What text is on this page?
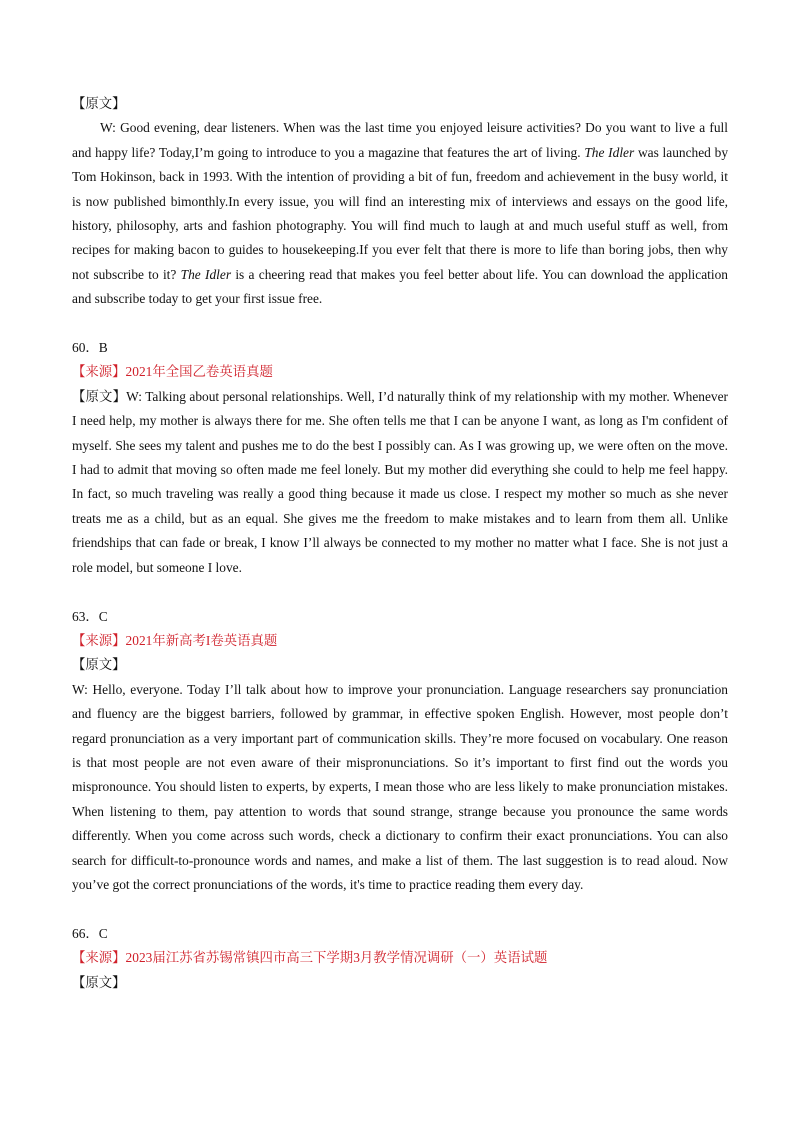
【原文】

W: Good evening, dear listeners. When was the last time you enjoyed leisure activities? Do you want to live a full and happy life? Today,I’m going to introduce to you a magazine that features the art of living. The Idler was launched by Tom Hokinson, back in 1993. With the intention of providing a bit of fun, freedom and achievement in the busy world, it is now published bimonthly.In every issue, you will find an interesting mix of interviews and essays on the good life, history, philosophy, arts and fashion photography. You will find much to laugh at and much useful stuff as well, from recipes for making bacon to guides to housekeeping.If you ever felt that there is more to life than boring jobs, then why not subscribe to it? The Idler is a cheering read that makes you feel better about life. You can download the application and subscribe today to get your first issue free.

60．B
【来源】2021年全国乙卷英语真题

【原文】W: Talking about personal relationships. Well, I’d naturally think of my relationship with my mother. Whenever I need help, my mother is always there for me. She often tells me that I can be anyone I want, as long as I'm confident of myself. She sees my talent and pushes me to do the best I possibly can. As I was growing up, we were often on the move. I had to admit that moving so often made me feel lonely. But my mother did everything she could to help me feel happy. In fact, so much traveling was really a good thing because it made us close. I respect my mother so much as she never treats me as a child, but as an equal. She gives me the freedom to make mistakes and to learn from them all. Unlike friendships that can fade or break, I know I’ll always be connected to my mother no matter what I face. She is not just a role model, but someone I love.

63．C
【来源】2021年新高考I卷英语真题
【原文】

W: Hello, everyone. Today I’ll talk about how to improve your pronunciation. Language researchers say pronunciation and fluency are the biggest barriers, followed by grammar, in effective spoken English. However, most people don’t regard pronunciation as a very important part of communication skills. They’re more focused on vocabulary. One reason is that most people are not even aware of their mispronunciations. So it’s important to first find out the words you mispronounce. You should listen to experts, by experts, I mean those who are less likely to make pronunciation mistakes. When listening to them, pay attention to words that sound strange, strange because you pronounce the same words differently. When you come across such words, check a dictionary to confirm their exact pronunciations. You can also search for difficult-to-pronounce words and names, and make a list of them. The last suggestion is to read aloud. Now you’ve got the correct pronunciations of the words, it's time to practice reading them every day.

66．C
【来源】2023届江苏省苏锡常镇四市高三下学期3月教学情况调研（一）英语试题
【原文】
